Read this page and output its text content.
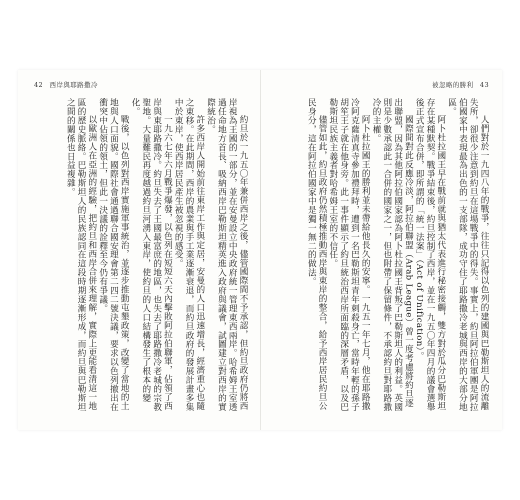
42 西岸與耶路撒冷

約旦於一九五〇年兼併西岸之後，儘管國際間不予承認，但約旦政府仍將西岸視為王國的一部分，並在安曼設立中央政府統一管理東西兩岸。哈希姆王室透過任命地方首長、吸納西岸巴勒斯坦精英進入政府與議會，試圖建立對西岸的實際統治。

許多西岸人開始前往東岸工作與定居，安曼的人口迅速增長，經濟重心也隨之東移。在此期間，西岸的農業與手工業逐漸衰退，而約旦政府的發展計畫多集中於東岸，使西岸居民產生被忽視的感受。

一九六七年六月戰爭爆發，以色列在短短六天內擊敗阿拉伯聯軍，佔領了西岸與東耶路撒冷。約旦失去了王國最富庶的地區，也失去了耶路撒冷老城的宗教聖地。大量難民再度越過約旦河湧入東岸，使約旦的人口結構發生了根本的變化。

戰後，以色列對西岸實施軍事統治，並逐步推動屯墾政策，改變了當地的土地與人口面貌。國際社會通過聯合國安理會第二四二號決議，要求以色列撤出在衝突中佔領的領土，但此一決議的詮釋至今仍有爭議。

以歐洲人在亞洲的經驗，把約旦和西岸合併來理解，實際上更能看清這一地區的歷史脈絡。巴勒斯坦人的民族認同在這段時期逐漸形成，而約旦與巴勒斯坦之間的關係也日益複雜。

被忽略的勝利 43

人們對於一九四八年的戰爭，往往只記得以色列的建國與巴勒斯坦人的流離失所，卻很少注意到約旦在這場戰爭中的得失。事實上，約旦阿拉伯軍團是阿拉伯國家中表現最為出色的一支部隊，成功守住了耶路撒冷老城與西岸的大部分地區。

阿卜杜拉國王早在戰前就與猶太代表進行秘密接觸，雙方對於瓜分巴勒斯坦存在某種默契。戰爭結束後，約旦控制了西岸，並在一九五〇年四月的議會選舉後正式宣布合併，即所謂的「統一法案」（Act of Unification）。

國際間對此反應冷淡，阿拉伯聯盟（Arab League）曾一度考慮將約旦逐出聯盟，因為其他阿拉伯國家認為阿卜杜拉國王背叛了巴勒斯坦人的利益。英國則是少數承認此一合併的國家之一，但也附帶了保留條件，不承認約旦對耶路撒冷的主權。

阿卜杜拉國王的勝利並未帶給他長久的安寧。一九五一年七月，他在耶路撒冷阿克薩清真寺參加禮拜時，遭到一名巴勒斯坦青年刺殺身亡，當時年輕的孫子胡笙王子就在他身旁。此一事件顯示了約旦統治西岸所面臨的深層矛盾，以及巴勒斯坦民族主義者對哈希姆王室的不信任。

儘管如此，約旦政府仍然積極推動西岸與東岸的整合，給予西岸居民約旦公民身分，這在阿拉伯國家中是獨一無二的做法。
